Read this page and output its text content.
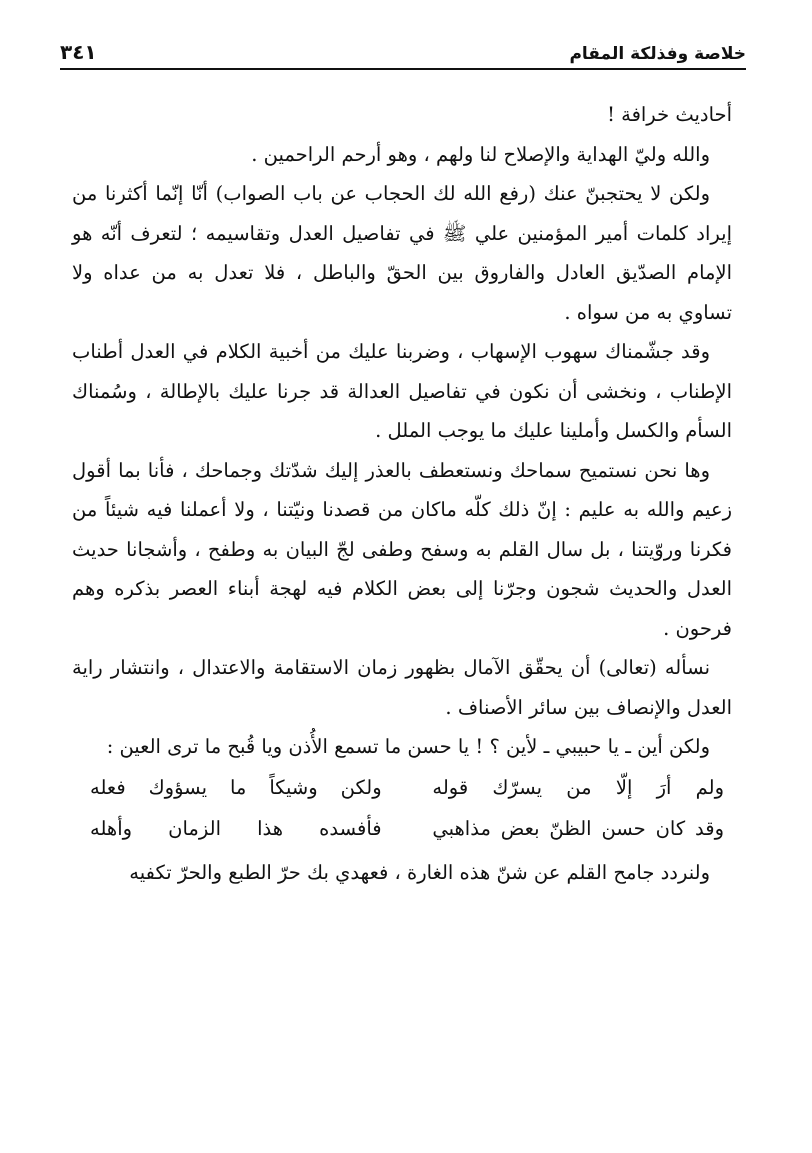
خلاصة وفذلكة المقام
٣٤١

أحاديث خرافة !

والله وليّ الهداية والإصلاح لنا ولهم ، وهو أرحم الراحمين .

ولكن لا يحتجبنّ عنك (رفع الله لك الحجاب عن باب الصواب) أنّا إنّما أكثرنا من إيراد كلمات أمير المؤمنين علي ﷺ في تفاصيل العدل وتقاسيمه ؛ لتعرف أنّه هو الإمام الصدّيق العادل والفاروق بين الحقّ والباطل ، فلا تعدل به من عداه ولا تساوي به من سواه .

وقد جشّمناك سهوب الإسهاب ، وضربنا عليك من أخبية الكلام في العدل أطناب الإطناب ، ونخشى أن نكون في تفاصيل العدالة قد جرنا عليك بالإطالة ، وسُمناك السأم والكسل وأملينا عليك ما يوجب الملل .

وها نحن نستميح سماحك ونستعطف بالعذر إليك شدّتك وجماحك ، فأنا بما أقول زعيم والله به عليم : إنّ ذلك كلّه ماكان من قصدنا ونيّتنا ، ولا أعملنا فيه شيئاً من فكرنا وروّيتنا ، بل سال القلم به وسفح وطفى لجّ البيان به وطفح ، وأشجانا حديث العدل والحديث شجون وجرّنا إلى بعض الكلام فيه لهجة أبناء العصر بذكره وهم فرحون .

نسأله (تعالى) أن يحقّق الآمال بظهور زمان الاستقامة والاعتدال ، وانتشار راية العدل والإنصاف بين سائر الأصناف .

ولكن أين ـ يا حبيبي ـ لأين ؟ ! يا حسن ما تسمع الأُذن ويا قُبح ما ترى العين :

ولم أرَ إلّا من يسرّك قوله
ولكن وشيكاً ما يسؤوك فعله
وقد كان حسن الظنّ بعض مذاهبي
فأفسده هذا الزمان وأهله

ولنردد جامح القلم عن شنّ هذه الغارة ، فعهدي بك حرّ الطبع والحرّ تكفيه
